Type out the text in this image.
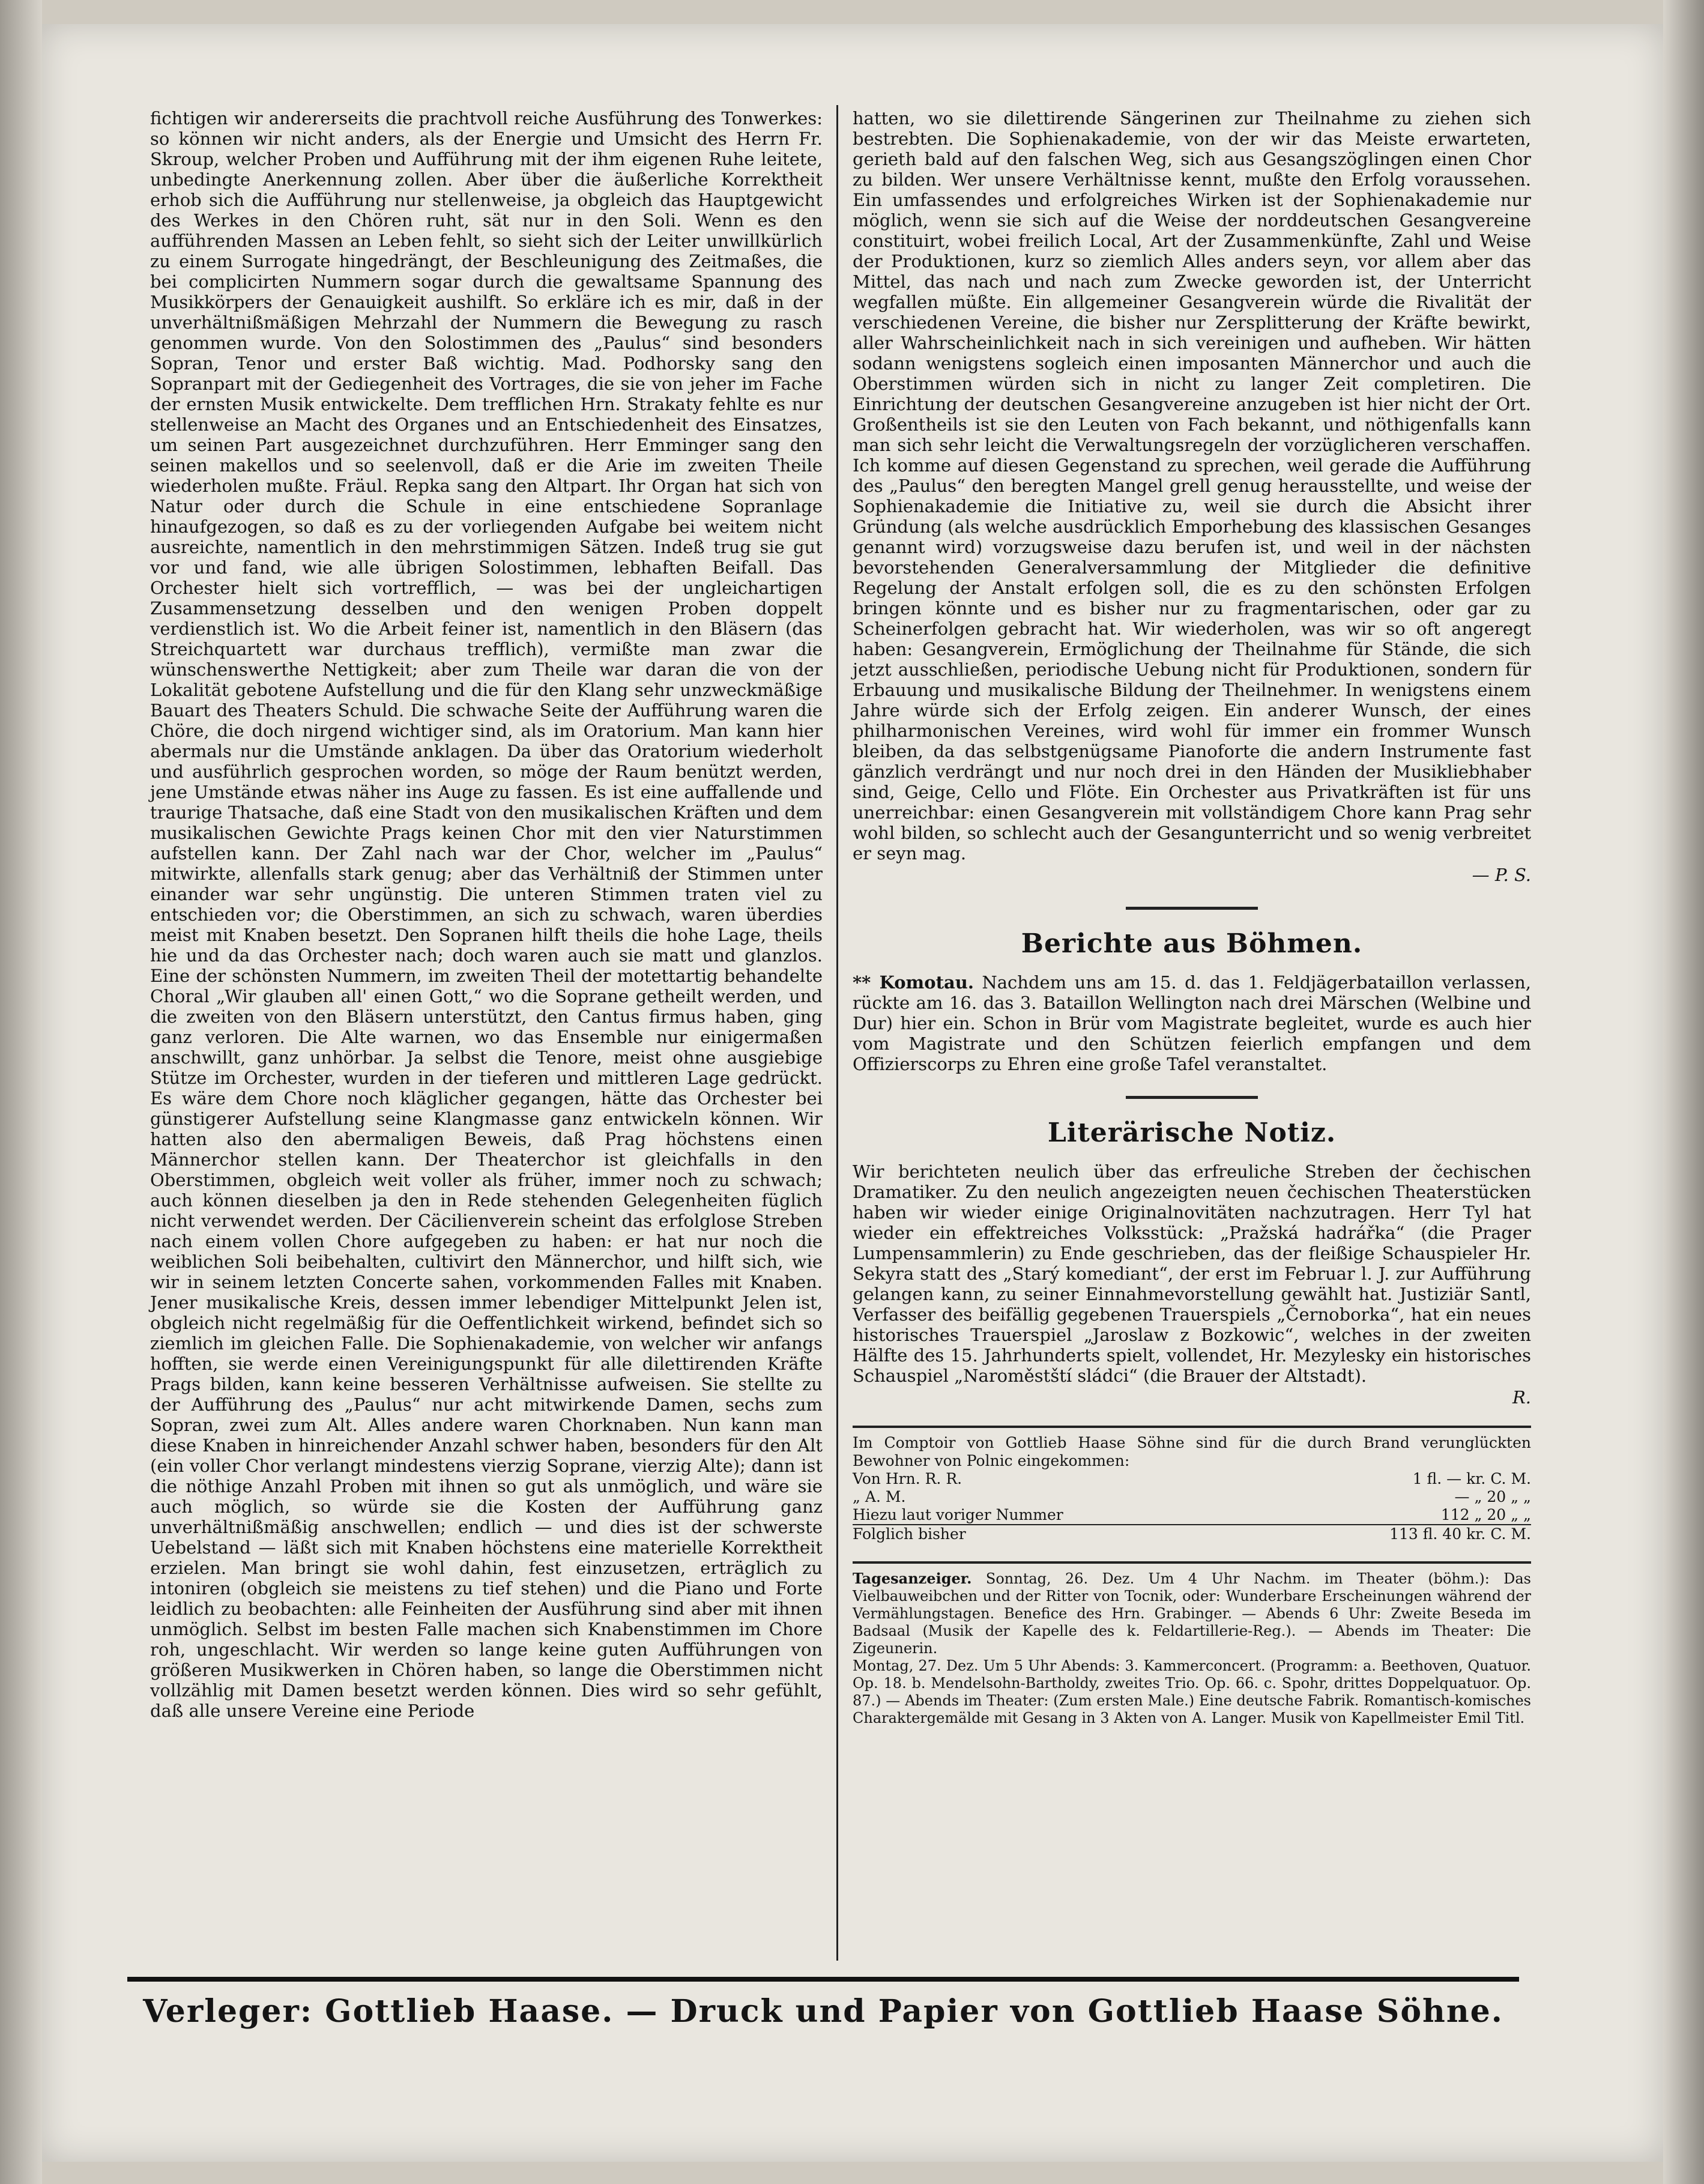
fichtigen wir andererseits die prachtvoll reiche Ausführung des Tonwerkes: so können wir nicht anders, als der Energie und Umsicht des Herrn Fr. Skroup, welcher Proben und Aufführung mit der ihm eigenen Ruhe leitete, unbedingte Anerkennung zollen. Aber über die äußerliche Korrektheit erhob sich die Aufführung nur stellenweise, ja obgleich das Hauptgewicht des Werkes in den Chören ruht, sät nur in den Soli. Wenn es den aufführenden Massen an Leben fehlt, so sieht sich der Leiter unwillkürlich zu einem Surrogate hingedrängt, der Beschleunigung des Zeitmaßes, die bei complicirten Nummern sogar durch die gewaltsame Spannung des Musikkörpers der Genauigkeit aushilft. So erkläre ich es mir, daß in der unverhältnißmäßigen Mehrzahl der Nummern die Bewegung zu rasch genommen wurde. Von den Solostimmen des „Paulus“ sind besonders Sopran, Tenor und erster Baß wichtig. Mad. Podhorsky sang den Sopranpart mit der Gediegenheit des Vortrages, die sie von jeher im Fache der ernsten Musik entwickelte. Dem trefflichen Hrn. Strakaty fehlte es nur stellenweise an Macht des Organes und an Entschiedenheit des Einsatzes, um seinen Part ausgezeichnet durchzuführen. Herr Emminger sang den seinen makellos und so seelenvoll, daß er die Arie im zweiten Theile wiederholen mußte. Fräul. Repka sang den Altpart. Ihr Organ hat sich von Natur oder durch die Schule in eine entschiedene Sopranlage hinaufgezogen, so daß es zu der vorliegenden Aufgabe bei weitem nicht ausreichte, namentlich in den mehrstimmigen Sätzen. Indeß trug sie gut vor und fand, wie alle übrigen Solostimmen, lebhaften Beifall. Das Orchester hielt sich vortrefflich, — was bei der ungleichartigen Zusammensetzung desselben und den wenigen Proben doppelt verdienstlich ist. Wo die Arbeit feiner ist, namentlich in den Bläsern (das Streichquartett war durchaus trefflich), vermißte man zwar die wünschenswerthe Nettigkeit; aber zum Theile war daran die von der Lokalität gebotene Aufstellung und die für den Klang sehr unzweckmäßige Bauart des Theaters Schuld. Die schwache Seite der Aufführung waren die Chöre, die doch nirgend wichtiger sind, als im Oratorium. Man kann hier abermals nur die Umstände anklagen. Da über das Oratorium wiederholt und ausführlich gesprochen worden, so möge der Raum benützt werden, jene Umstände etwas näher ins Auge zu fassen. Es ist eine auffallende und traurige Thatsache, daß eine Stadt von den musikalischen Kräften und dem musikalischen Gewichte Prags keinen Chor mit den vier Naturstimmen aufstellen kann. Der Zahl nach war der Chor, welcher im „Paulus“ mitwirkte, allenfalls stark genug; aber das Verhältniß der Stimmen unter einander war sehr ungünstig. Die unteren Stimmen traten viel zu entschieden vor; die Oberstimmen, an sich zu schwach, waren überdies meist mit Knaben besetzt. Den Sopranen hilft theils die hohe Lage, theils hie und da das Orchester nach; doch waren auch sie matt und glanzlos. Eine der schönsten Nummern, im zweiten Theil der motettartig behandelte Choral „Wir glauben all' einen Gott,“ wo die Soprane getheilt werden, und die zweiten von den Bläsern unterstützt, den Cantus firmus haben, ging ganz verloren. Die Alte warnen, wo das Ensemble nur einigermaßen anschwillt, ganz unhörbar. Ja selbst die Tenore, meist ohne ausgiebige Stütze im Orchester, wurden in der tieferen und mittleren Lage gedrückt. Es wäre dem Chore noch kläglicher gegangen, hätte das Orchester bei günstigerer Aufstellung seine Klangmasse ganz entwickeln können. Wir hatten also den abermaligen Beweis, daß Prag höchstens einen Männerchor stellen kann. Der Theaterchor ist gleichfalls in den Oberstimmen, obgleich weit voller als früher, immer noch zu schwach; auch können dieselben ja den in Rede stehenden Gelegenheiten füglich nicht verwendet werden. Der Cäcilienverein scheint das erfolglose Streben nach einem vollen Chore aufgegeben zu haben: er hat nur noch die weiblichen Soli beibehalten, cultivirt den Männerchor, und hilft sich, wie wir in seinem letzten Concerte sahen, vorkommenden Falles mit Knaben. Jener musikalische Kreis, dessen immer lebendiger Mittelpunkt Jelen ist, obgleich nicht regelmäßig für die Oeffentlichkeit wirkend, befindet sich so ziemlich im gleichen Falle. Die Sophienakademie, von welcher wir anfangs hofften, sie werde einen Vereinigungspunkt für alle dilettirenden Kräfte Prags bilden, kann keine besseren Verhältnisse aufweisen. Sie stellte zu der Aufführung des „Paulus“ nur acht mitwirkende Damen, sechs zum Sopran, zwei zum Alt. Alles andere waren Chorknaben. Nun kann man diese Knaben in hinreichender Anzahl schwer haben, besonders für den Alt (ein voller Chor verlangt mindestens vierzig Soprane, vierzig Alte); dann ist die nöthige Anzahl Proben mit ihnen so gut als unmöglich, und wäre sie auch möglich, so würde sie die Kosten der Aufführung ganz unverhältnißmäßig anschwellen; endlich — und dies ist der schwerste Uebelstand — läßt sich mit Knaben höchstens eine materielle Korrektheit erzielen. Man bringt sie wohl dahin, fest einzusetzen, erträglich zu intoniren (obgleich sie meistens zu tief stehen) und die Piano und Forte leidlich zu beobachten: alle Feinheiten der Ausführung sind aber mit ihnen unmöglich. Selbst im besten Falle machen sich Knabenstimmen im Chore roh, ungeschlacht. Wir werden so lange keine guten Aufführungen von größeren Musikwerken in Chören haben, so lange die Oberstimmen nicht vollzählig mit Damen besetzt werden können. Dies wird so sehr gefühlt, daß alle unsere Vereine eine Periode

hatten, wo sie dilettirende Sängerinen zur Theilnahme zu ziehen sich bestrebten. Die Sophienakademie, von der wir das Meiste erwarteten, gerieth bald auf den falschen Weg, sich aus Gesangszöglingen einen Chor zu bilden. Wer unsere Verhältnisse kennt, mußte den Erfolg voraussehen. Ein umfassendes und erfolgreiches Wirken ist der Sophienakademie nur möglich, wenn sie sich auf die Weise der norddeutschen Gesangvereine constituirt, wobei freilich Local, Art der Zusammenkünfte, Zahl und Weise der Produktionen, kurz so ziemlich Alles anders seyn, vor allem aber das Mittel, das nach und nach zum Zwecke geworden ist, der Unterricht wegfallen müßte. Ein allgemeiner Gesangverein würde die Rivalität der verschiedenen Vereine, die bisher nur Zersplitterung der Kräfte bewirkt, aller Wahrscheinlichkeit nach in sich vereinigen und aufheben. Wir hätten sodann wenigstens sogleich einen imposanten Männerchor und auch die Oberstimmen würden sich in nicht zu langer Zeit completiren. Die Einrichtung der deutschen Gesangvereine anzugeben ist hier nicht der Ort. Großentheils ist sie den Leuten von Fach bekannt, und nöthigenfalls kann man sich sehr leicht die Verwaltungsregeln der vorzüglicheren verschaffen. Ich komme auf diesen Gegenstand zu sprechen, weil gerade die Aufführung des „Paulus“ den beregten Mangel grell genug herausstellte, und weise der Sophienakademie die Initiative zu, weil sie durch die Absicht ihrer Gründung (als welche ausdrücklich Emporhebung des klassischen Gesanges genannt wird) vorzugsweise dazu berufen ist, und weil in der nächsten bevorstehenden Generalversammlung der Mitglieder die definitive Regelung der Anstalt erfolgen soll, die es zu den schönsten Erfolgen bringen könnte und es bisher nur zu fragmentarischen, oder gar zu Scheinerfolgen gebracht hat. Wir wiederholen, was wir so oft angeregt haben: Gesangverein, Ermöglichung der Theilnahme für Stände, die sich jetzt ausschließen, periodische Uebung nicht für Produktionen, sondern für Erbauung und musikalische Bildung der Theilnehmer. In wenigstens einem Jahre würde sich der Erfolg zeigen. Ein anderer Wunsch, der eines philharmonischen Vereines, wird wohl für immer ein frommer Wunsch bleiben, da das selbstgenügsame Pianoforte die andern Instrumente fast gänzlich verdrängt und nur noch drei in den Händen der Musikliebhaber sind, Geige, Cello und Flöte. Ein Orchester aus Privatkräften ist für uns unerreichbar: einen Gesangverein mit vollständigem Chore kann Prag sehr wohl bilden, so schlecht auch der Gesangunterricht und so wenig verbreitet er seyn mag.

— P. S.
Berichte aus Böhmen.

** Komotau. Nachdem uns am 15. d. das 1. Feldjägerbataillon verlassen, rückte am 16. das 3. Bataillon Wellington nach drei Märschen (Welbine und Dur) hier ein. Schon in Brür vom Magistrate begleitet, wurde es auch hier vom Magistrate und den Schützen feierlich empfangen und dem Offizierscorps zu Ehren eine große Tafel veranstaltet.

Literärische Notiz.

Wir berichteten neulich über das erfreuliche Streben der čechischen Dramatiker. Zu den neulich angezeigten neuen čechischen Theaterstücken haben wir wieder einige Originalnovitäten nachzutragen. Herr Tyl hat wieder ein effektreiches Volksstück: „Pražská hadrářka“ (die Prager Lumpensammlerin) zu Ende geschrieben, das der fleißige Schauspieler Hr. Sekyra statt des „Starý komediant“, der erst im Februar l. J. zur Aufführung gelangen kann, zu seiner Einnahmevorstellung gewählt hat. Justiziär Santl, Verfasser des beifällig gegebenen Trauerspiels „Černoborka“, hat ein neues historisches Trauerspiel „Jaroslaw z Bozkowic“, welches in der zweiten Hälfte des 15. Jahrhunderts spielt, vollendet, Hr. Mezylesky ein historisches Schauspiel „Naroměstští sládci“ (die Brauer der Altstadt).

R.
Im Comptoir von Gottlieb Haase Söhne sind für die durch Brand verunglückten Bewohner von Polnic eingekommen:
Von Hrn. R. R.	1 fl. — kr. C. M.
„ A. M.	— „ 20 „ „
Hiezu laut voriger Nummer	112 „ 20 „ „
Folglich bisher	113 fl. 40 kr. C. M.
Tagesanzeiger. Sonntag, 26. Dez. Um 4 Uhr Nachm. im Theater (böhm.): Das Vielbauweibchen und der Ritter von Tocnik, oder: Wunderbare Erscheinungen während der Vermählungstagen. Benefice des Hrn. Grabinger. — Abends 6 Uhr: Zweite Beseda im Badsaal (Musik der Kapelle des k. Feldartillerie-Reg.). — Abends im Theater: Die Zigeunerin.
Montag, 27. Dez. Um 5 Uhr Abends: 3. Kammerconcert. (Programm: a. Beethoven, Quatuor. Op. 18. b. Mendelsohn-Bartholdy, zweites Trio. Op. 66. c. Spohr, drittes Doppelquatuor. Op. 87.) — Abends im Theater: (Zum ersten Male.) Eine deutsche Fabrik. Romantisch-komisches Charaktergemälde mit Gesang in 3 Akten von A. Langer. Musik von Kapellmeister Emil Titl.
Verleger: Gottlieb Haase. — Druck und Papier von Gottlieb Haase Söhne.
